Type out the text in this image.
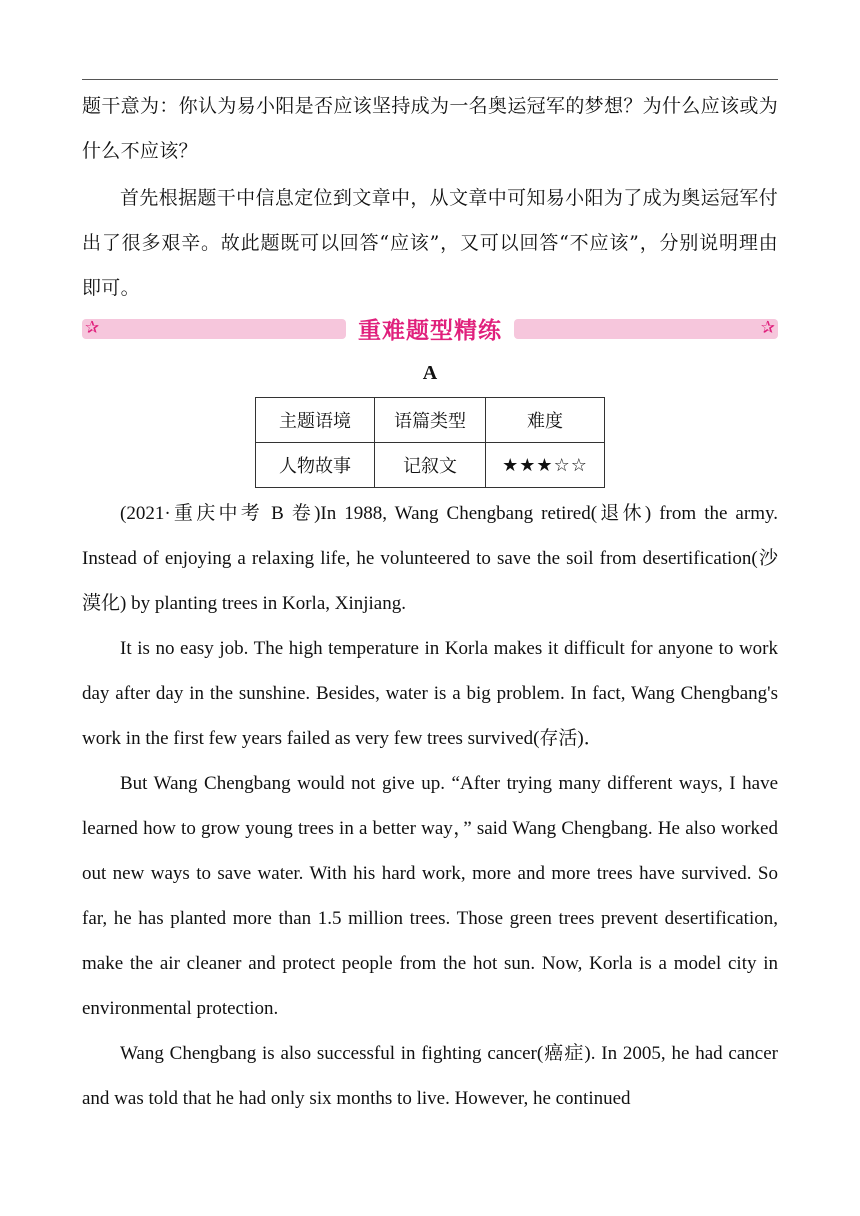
题干意为：你认为易小阳是否应该坚持成为一名奥运冠军的梦想？为什么应该或为什么不应该？

首先根据题干中信息定位到文章中，从文章中可知易小阳为了成为奥运冠军付出了很多艰辛。故此题既可以回答“应该”，又可以回答“不应该”，分别说明理由即可。

✰	✰
重难题型精练
A
主题语境	语篇类型	难度
人物故事	记叙文	★★★☆☆

(2021·重庆中考 B 卷)In 1988, Wang Chengbang retired(退休) from the army. Instead of enjoying a relaxing life, he volunteered to save the soil from desertification(沙漠化) by planting trees in Korla, Xinjiang.

It is no easy job. The high temperature in Korla makes it difficult for anyone to work day after day in the sunshine. Besides, water is a big problem. In fact, Wang Chengbang's work in the first few years failed as very few trees survived(存活)．

But Wang Chengbang would not give up. “After trying many different ways, I have learned how to grow young trees in a better way，” said Wang Chengbang. He also worked out new ways to save water. With his hard work, more and more trees have survived. So far, he has planted more than 1.5 million trees. Those green trees prevent desertification, make the air cleaner and protect people from the hot sun. Now, Korla is a model city in environmental protection.

Wang Chengbang is also successful in fighting cancer(癌症). In 2005, he had cancer and was told that he had only six months to live. However, he continued
